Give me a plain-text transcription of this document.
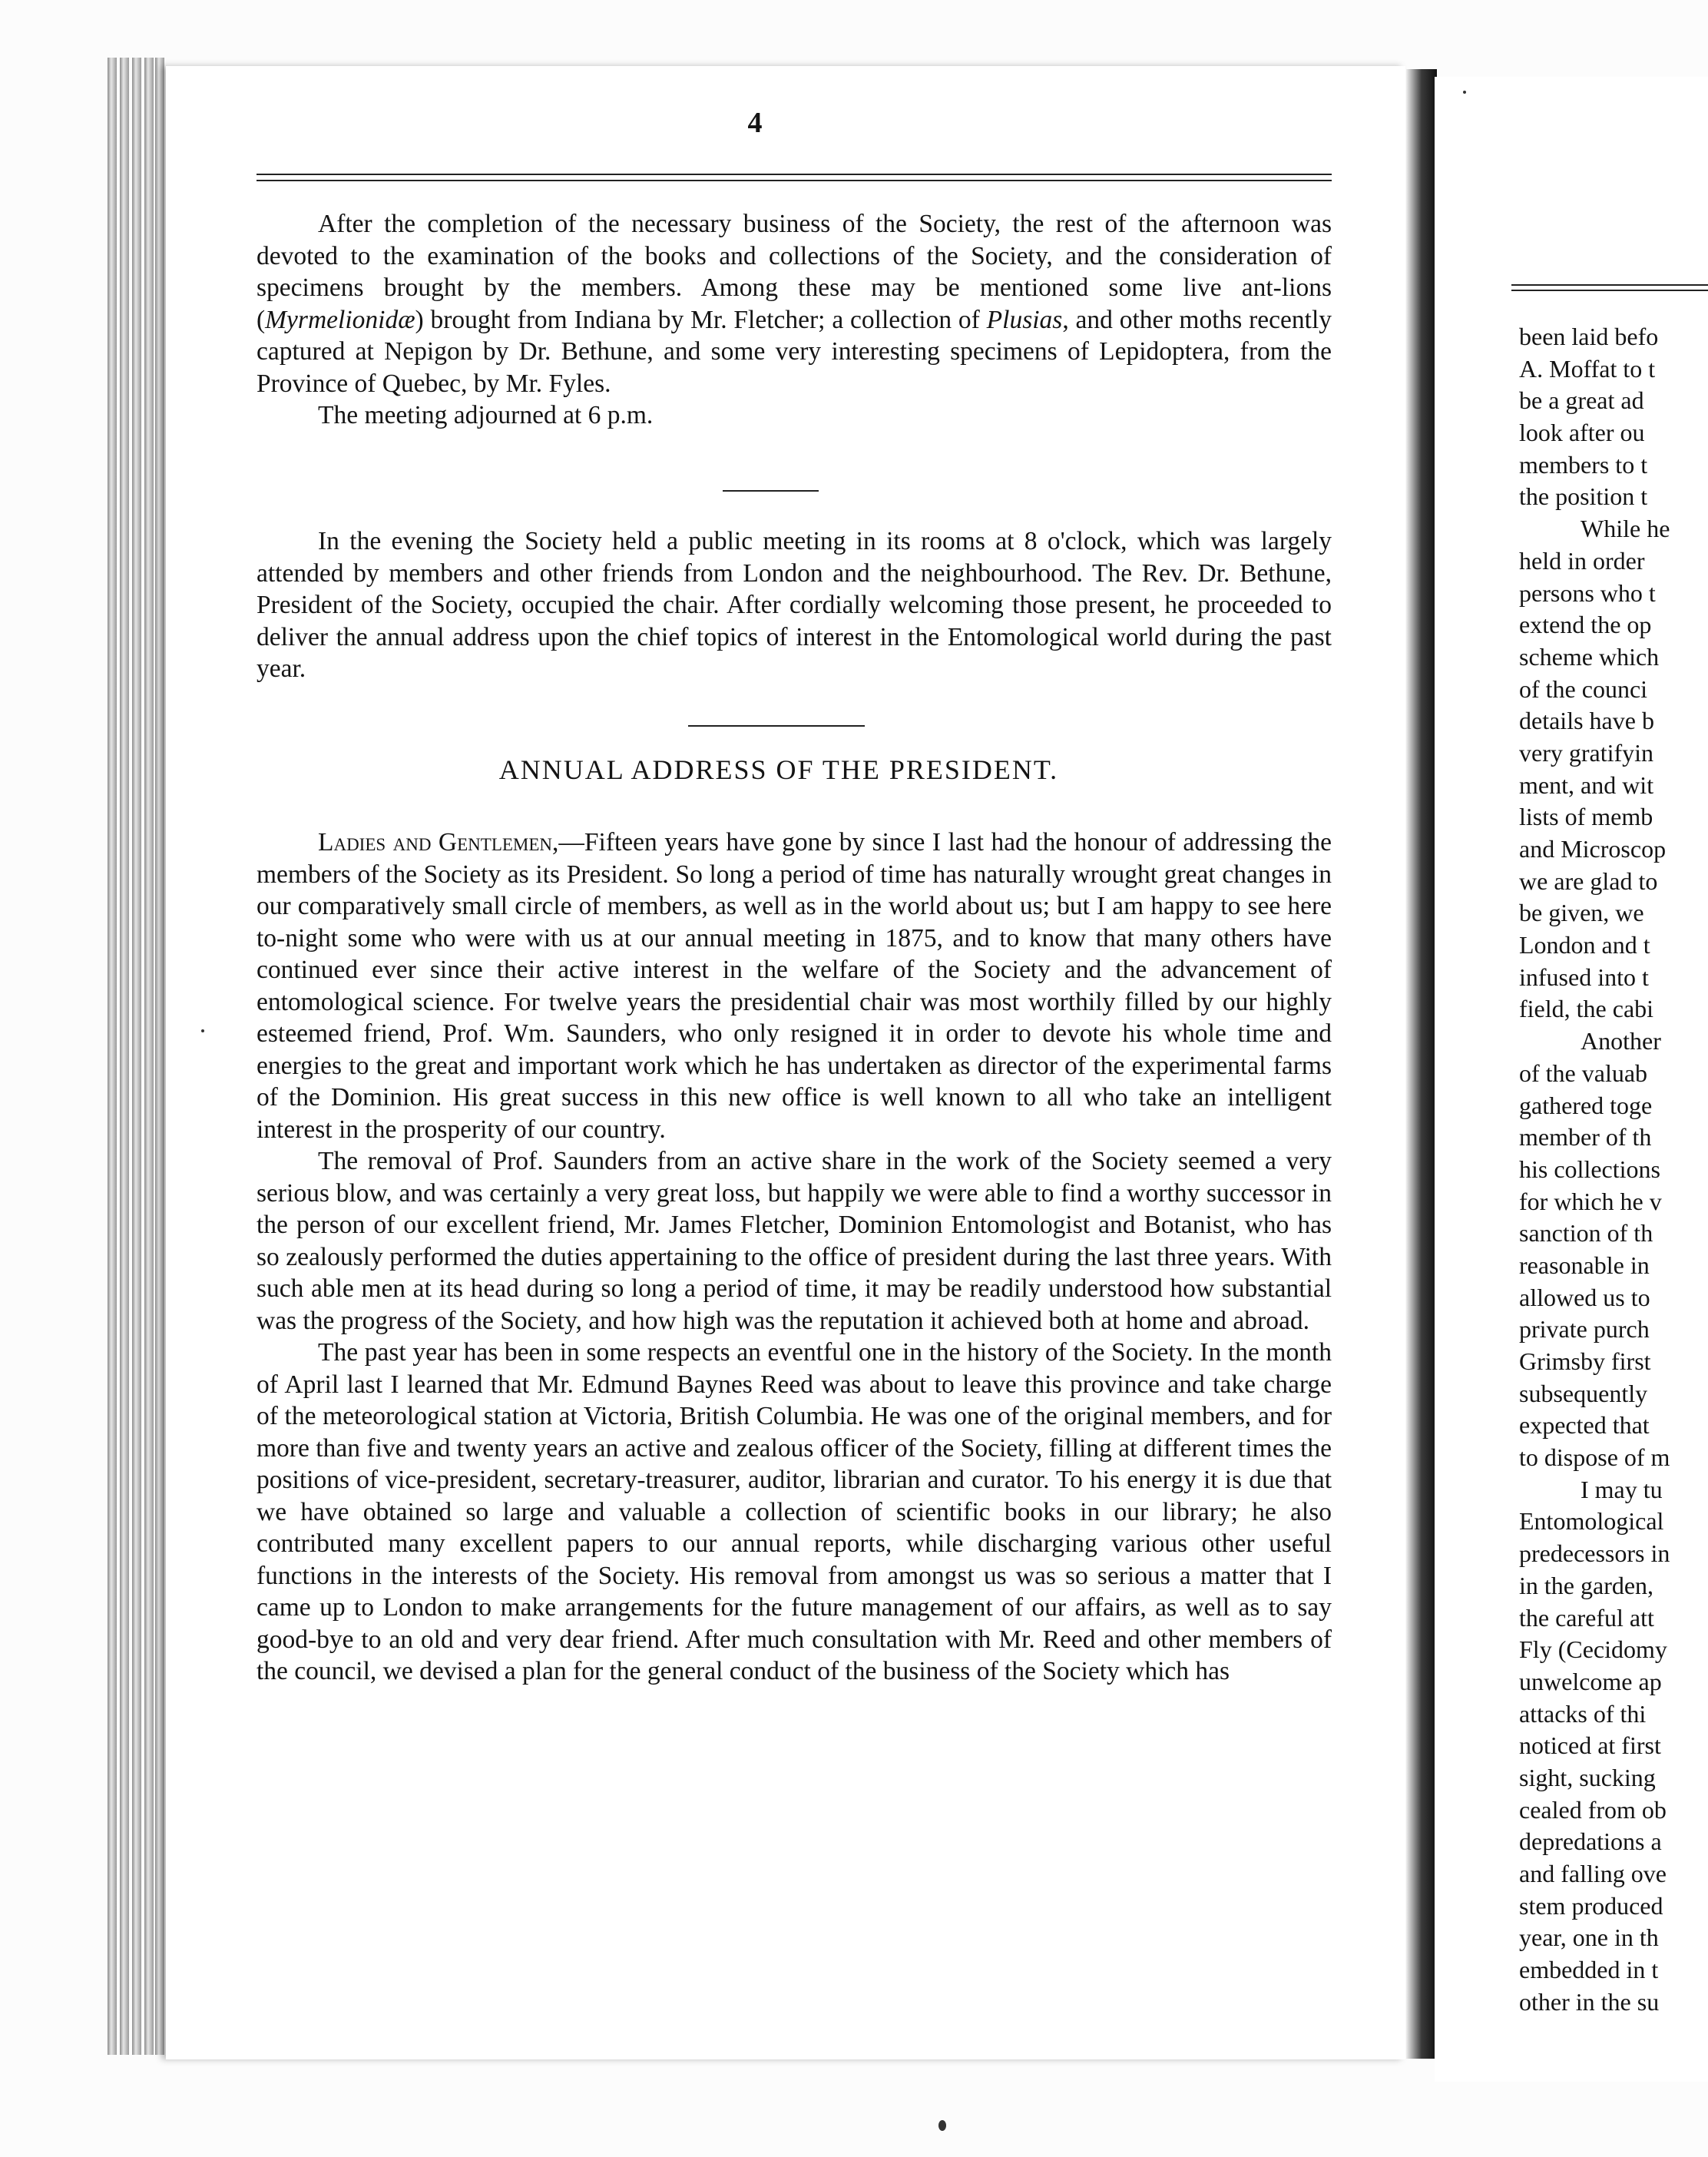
4

After the completion of the necessary business of the Society, the rest of the afternoon was devoted to the examination of the books and collections of the Society, and the consideration of specimens brought by the members. Among these may be mentioned some live ant-lions (Myrmelionidæ) brought from Indiana by Mr. Fletcher; a collection of Plusias, and other moths recently captured at Nepigon by Dr. Bethune, and some very interesting specimens of Lepidoptera, from the Province of Quebec, by Mr. Fyles.

The meeting adjourned at 6 p.m.

In the evening the Society held a public meeting in its rooms at 8 o'clock, which was largely attended by members and other friends from London and the neighbourhood. The Rev. Dr. Bethune, President of the Society, occupied the chair. After cordially welcoming those present, he proceeded to deliver the annual address upon the chief topics of interest in the Entomological world during the past year.

ANNUAL ADDRESS OF THE PRESIDENT.

Ladies and Gentlemen,—Fifteen years have gone by since I last had the honour of addressing the members of the Society as its President. So long a period of time has naturally wrought great changes in our comparatively small circle of members, as well as in the world about us; but I am happy to see here to-night some who were with us at our annual meeting in 1875, and to know that many others have continued ever since their active interest in the welfare of the Society and the advancement of entomological science. For twelve years the presidential chair was most worthily filled by our highly esteemed friend, Prof. Wm. Saunders, who only resigned it in order to devote his whole time and energies to the great and important work which he has undertaken as director of the experimental farms of the Dominion. His great success in this new office is well known to all who take an intelligent interest in the prosperity of our country.

The removal of Prof. Saunders from an active share in the work of the Society seemed a very serious blow, and was certainly a very great loss, but happily we were able to find a worthy successor in the person of our excellent friend, Mr. James Fletcher, Dominion Entomologist and Botanist, who has so zealously performed the duties appertaining to the office of president during the last three years. With such able men at its head during so long a period of time, it may be readily understood how substantial was the progress of the Society, and how high was the reputation it achieved both at home and abroad.

The past year has been in some respects an eventful one in the history of the Society. In the month of April last I learned that Mr. Edmund Baynes Reed was about to leave this province and take charge of the meteorological station at Victoria, British Columbia. He was one of the original members, and for more than five and twenty years an active and zealous officer of the Society, filling at different times the positions of vice-president, secretary-treasurer, auditor, librarian and curator. To his energy it is due that we have obtained so large and valuable a collection of scientific books in our library; he also contributed many excellent papers to our annual reports, while discharging various other useful functions in the interests of the Society. His removal from amongst us was so serious a matter that I came up to London to make arrangements for the future management of our affairs, as well as to say good-bye to an old and very dear friend. After much consultation with Mr. Reed and other members of the council, we devised a plan for the general conduct of the business of the Society which has

been laid befo
A. Moffat to t
be a great ad
look after ou
members to t
the position t
While he
held in order
persons who t
extend the op
scheme which
of the counci
details have b
very gratifyin
ment, and wit
lists of memb
and Microscop
we are glad to
be given, we
London and t
infused into t
field, the cabi
Another
of the valuab
gathered toge
member of th
his collections
for which he v
sanction of th
reasonable in
allowed us to
private purch
Grimsby first
subsequently
expected that
to dispose of m
I may tu
Entomological
predecessors in
in the garden,
the careful att
Fly (Cecidomy
unwelcome ap
attacks of thi
noticed at first
sight, sucking
cealed from ob
depredations a
and falling ove
stem produced
year, one in th
embedded in t
other in the su
